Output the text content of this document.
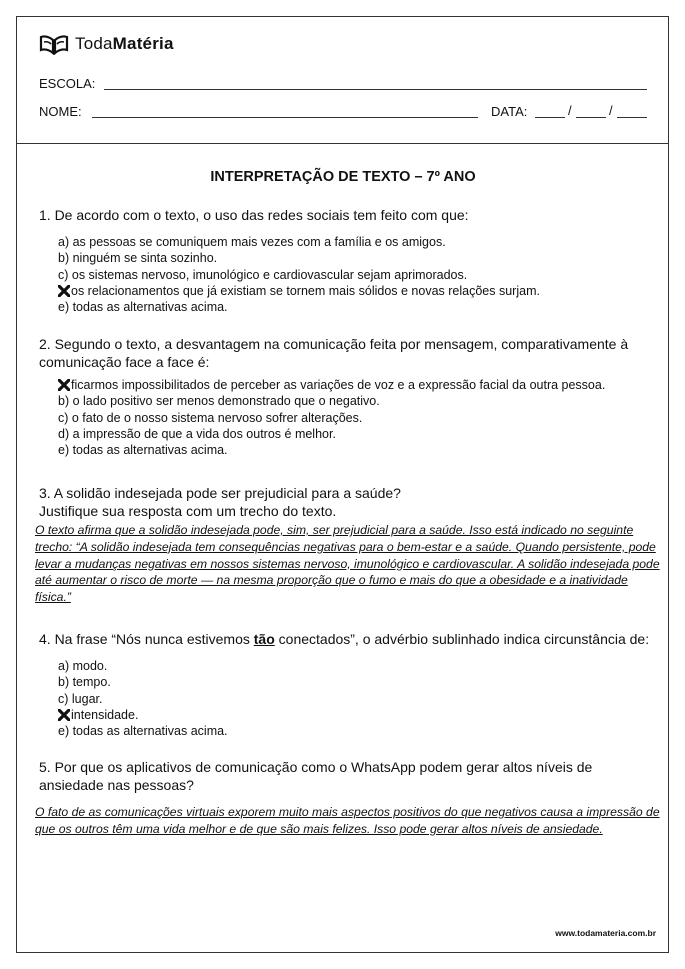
TodaMatéria
ESCOLA:
NOME:	DATA:	/	/
INTERPRETAÇÃO DE TEXTO – 7º ANO
1. De acordo com o texto, o uso das redes sociais tem feito com que:
a) as pessoas se comuniquem mais vezes com a família e os amigos.
b) ninguém se sinta sozinho.
c) os sistemas nervoso, imunológico e cardiovascular sejam aprimorados.
os relacionamentos que já existiam se tornem mais sólidos e novas relações surjam.
e) todas as alternativas acima.
2. Segundo o texto, a desvantagem na comunicação feita por mensagem, comparativamente à comunicação face a face é:
ficarmos impossibilitados de perceber as variações de voz e a expressão facial da outra pessoa.
b) o lado positivo ser menos demonstrado que o negativo.
c) o fato de o nosso sistema nervoso sofrer alterações.
d) a impressão de que a vida dos outros é melhor.
e) todas as alternativas acima.
3. A solidão indesejada pode ser prejudicial para a saúde?
Justifique sua resposta com um trecho do texto.
O texto afirma que a solidão indesejada pode, sim, ser prejudicial para a saúde. Isso está indicado no seguinte trecho: “A solidão indesejada tem consequências negativas para o bem-estar e a saúde. Quando persistente, pode levar a mudanças negativas em nossos sistemas nervoso, imunológico e cardiovascular. A solidão indesejada pode até aumentar o risco de morte — na mesma proporção que o fumo e mais do que a obesidade e a inatividade física.”
4. Na frase “Nós nunca estivemos tão conectados”, o advérbio sublinhado indica circunstância de:
a) modo.
b) tempo.
c) lugar.
intensidade.
e) todas as alternativas acima.
5. Por que os aplicativos de comunicação como o WhatsApp podem gerar altos níveis de ansiedade nas pessoas?
O fato de as comunicações virtuais exporem muito mais aspectos positivos do que negativos causa a impressão de que os outros têm uma vida melhor e de que são mais felizes. Isso pode gerar altos níveis de ansiedade.
www.todamateria.com.br
